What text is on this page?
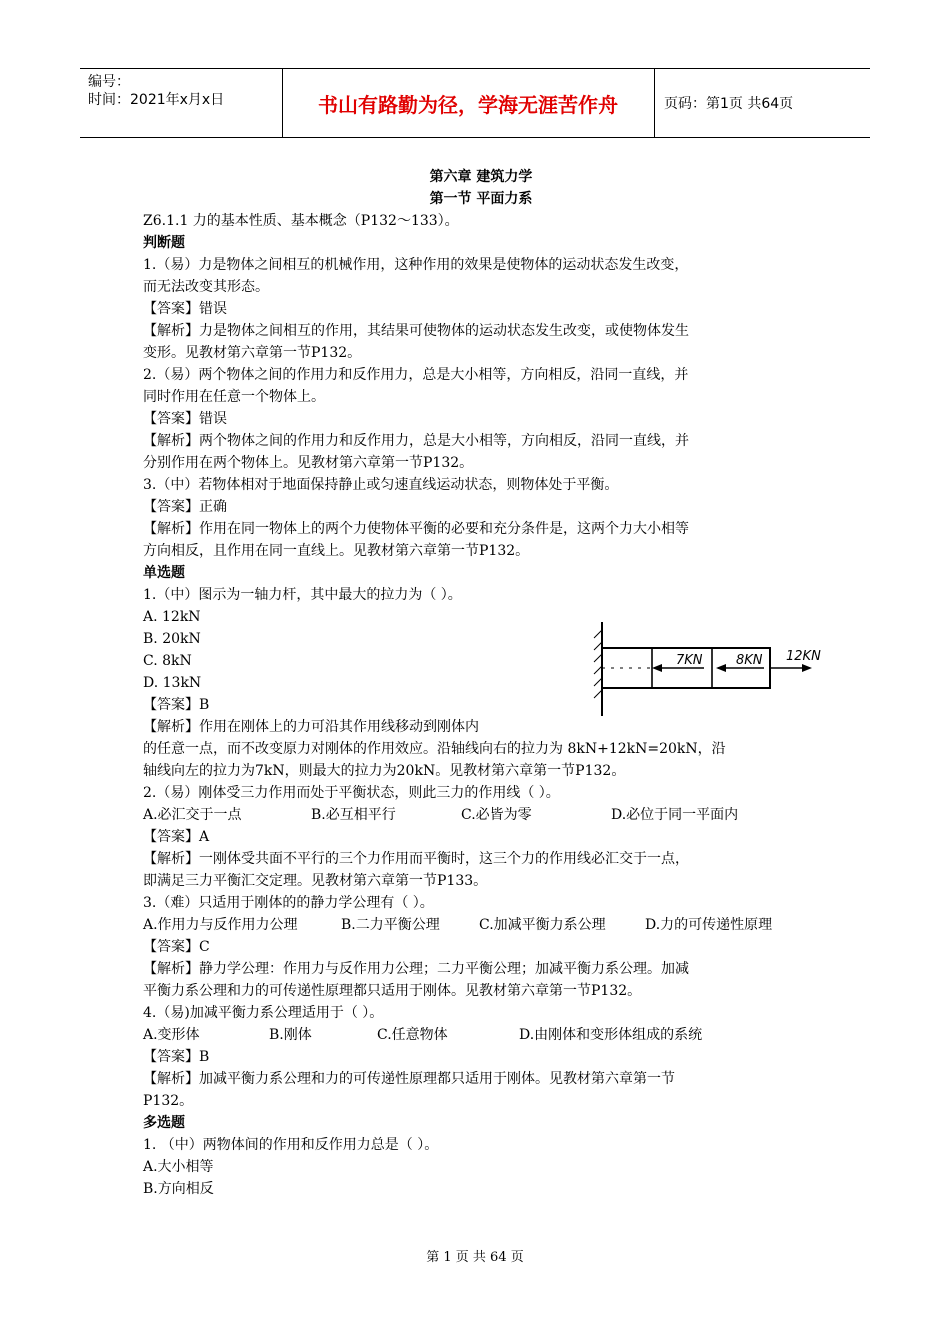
编号：
时间：2021年x月x日	书山有路勤为径，学海无涯苦作舟	页码：第1页 共64页
第六章 建筑力学
第一节 平面力系
Z6.1.1 力的基本性质、基本概念（P132～133）。
判断题
1.（易）力是物体之间相互的机械作用，这种作用的效果是使物体的运动状态发生改变，
而无法改变其形态。
【答案】错误
【解析】力是物体之间相互的作用，其结果可使物体的运动状态发生改变，或使物体发生
变形。见教材第六章第一节P132。
2.（易）两个物体之间的作用力和反作用力，总是大小相等，方向相反，沿同一直线，并
同时作用在任意一个物体上。
【答案】错误
【解析】两个物体之间的作用力和反作用力，总是大小相等，方向相反，沿同一直线，并
分别作用在两个物体上。见教材第六章第一节P132。
3.（中）若物体相对于地面保持静止或匀速直线运动状态，则物体处于平衡。
【答案】正确
【解析】作用在同一物体上的两个力使物体平衡的必要和充分条件是，这两个力大小相等
方向相反，且作用在同一直线上。见教材第六章第一节P132。
单选题
1.（中）图示为一轴力杆，其中最大的拉力为（ ）。
A. 12kN
B. 20kN
C. 8kN
D. 13kN
【答案】B
【解析】作用在刚体上的力可沿其作用线移动到刚体内
的任意一点，而不改变原力对刚体的作用效应。沿轴线向右的拉力为 8kN+12kN=20kN，沿
轴线向左的拉力为7kN，则最大的拉力为20kN。见教材第六章第一节P132。
2.（易）刚体受三力作用而处于平衡状态，则此三力的作用线（ ）。
A.必汇交于一点	B.必互相平行	C.必皆为零	D.必位于同一平面内
【答案】A
【解析】一刚体受共面不平行的三个力作用而平衡时，这三个力的作用线必汇交于一点，
即满足三力平衡汇交定理。见教材第六章第一节P133。
3.（难）只适用于刚体的的静力学公理有（ ）。
A.作用力与反作用力公理	B.二力平衡公理	C.加减平衡力系公理	D.力的可传递性原理
【答案】C
【解析】静力学公理：作用力与反作用力公理；二力平衡公理；加减平衡力系公理。加减
平衡力系公理和力的可传递性原理都只适用于刚体。见教材第六章第一节P132。
4.（易)加减平衡力系公理适用于（ ）。
A.变形体	B.刚体	C.任意物体	D.由刚体和变形体组成的系统
【答案】B
【解析】加减平衡力系公理和力的可传递性原理都只适用于刚体。见教材第六章第一节
P132。
多选题
1. （中）两物体间的作用和反作用力总是（ ）。
A.大小相等
B.方向相反
7KN	8KN 12KN
第 1 页 共 64 页
